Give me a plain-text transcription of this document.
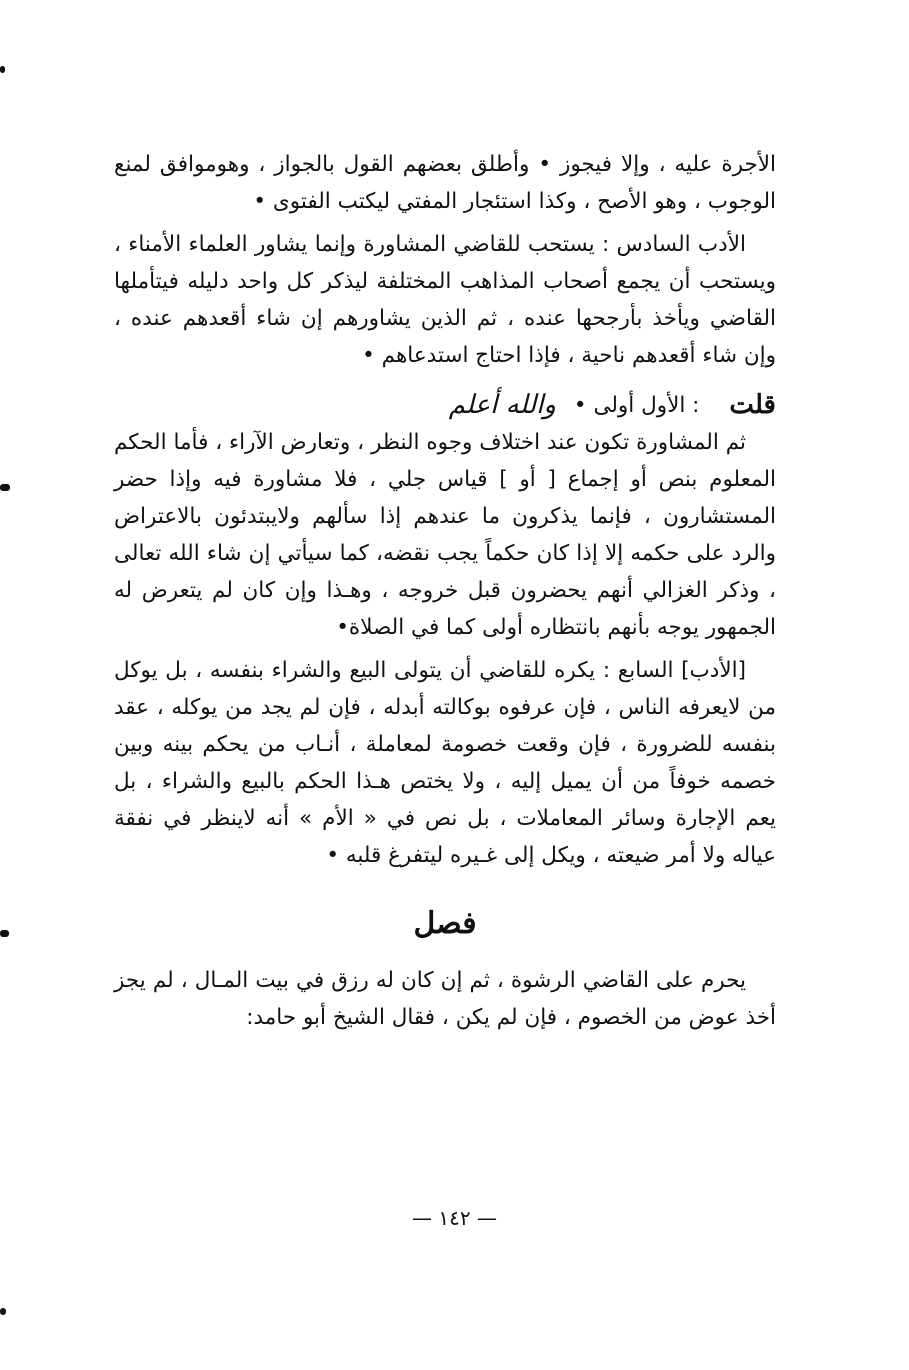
الأجرة عليه ، وإلا فيجوز • وأطلق بعضهم القول بالجواز ، وهوموافق لمنع الوجوب ، وهو الأصح ، وكذا استئجار المفتي ليكتب الفتوى •

الأدب السادس : يستحب للقاضي المشاورة وإنما يشاور العلماء الأمناء ، ويستحب أن يجمع أصحاب المذاهب المختلفة ليذكر كل واحد دليله فيتأملها القاضي ويأخذ بأرجحها عنده ، ثم الذين يشاورهم إن شاء أقعدهم عنده ، وإن شاء أقعدهم ناحية ، فإذا احتاج استدعاهم •

قلت
: الأول أولى •
والله أعلم

ثم المشاورة تكون عند اختلاف وجوه النظر ، وتعارض الآراء ، فأما الحكم المعلوم بنص أو إجماع [ أو ] قياس جلي ، فلا مشاورة فيه وإذا حضر المستشارون ، فإنما يذكرون ما عندهم إذا سألهم ولايبتدئون بالاعتراض والرد على حكمه إلا إذا كان حكماً يجب نقضه، كما سيأتي إن شاء الله تعالى ، وذكر الغزالي أنهم يحضرون قبل خروجه ، وهـذا وإن كان لم يتعرض له الجمهور يوجه بأنهم بانتظاره أولى كما في الصلاة•

[الأدب] السابع : يكره للقاضي أن يتولى البيع والشراء بنفسه ، بل يوكل من لايعرفه الناس ، فإن عرفوه بوكالته أبدله ، فإن لم يجد من يوكله ، عقد بنفسه للضرورة ، فإن وقعت خصومة لمعاملة ، أنـاب من يحكم بينه وبين خصمه خوفاً من أن يميل إليه ، ولا يختص هـذا الحكم بالبيع والشراء ، بل يعم الإجارة وسائر المعاملات ، بل نص في « الأم » أنه لاينظر في نفقة عياله ولا أمر ضيعته ، ويكل إلى غـيره ليتفرغ قلبه •

فصل

يحرم على القاضي الرشوة ، ثم إن كان له رزق في بيت المـال ، لم يجز أخذ عوض من الخصوم ، فإن لم يكن ، فقال الشيخ أبو حامد:

— ١٤٢ —
